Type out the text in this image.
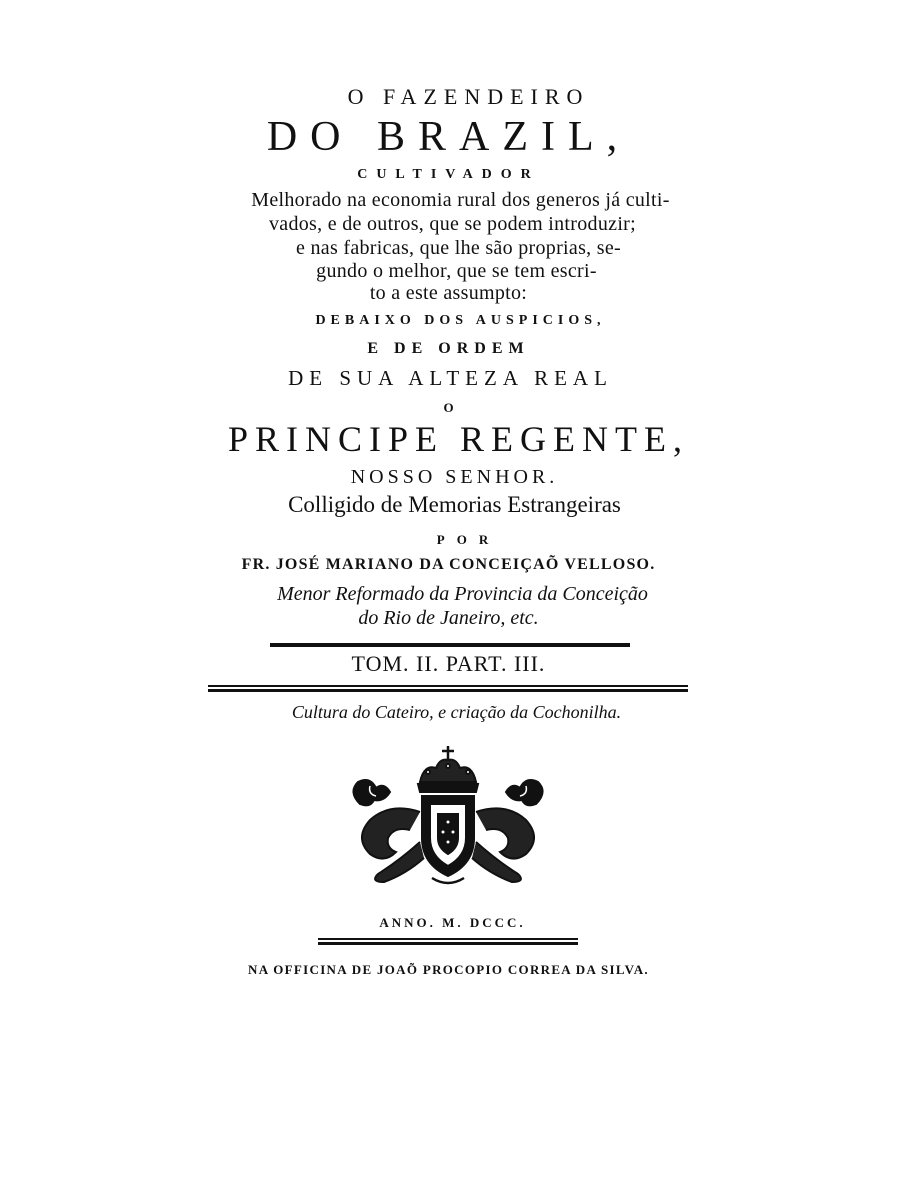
O FAZENDEIRO
DO BRAZIL,
CULTIVADOR
Melhorado na economia rural dos generos já culti-
vados, e de outros, que se podem introduzir;
e nas fabricas, que lhe são proprias, se-
gundo o melhor, que se tem escri-
to a este assumpto:
DEBAIXO DOS AUSPICIOS,
E DE ORDEM
DE SUA ALTEZA REAL
O
PRINCIPE REGENTE,
NOSSO SENHOR.
Colligido de Memorias Estrangeiras
POR
FR. JOSÉ MARIANO DA CONCEIÇAÕ VELLOSO.
Menor Reformado da Provincia da Conceição
do Rio de Janeiro, etc.
TOM. II. PART. III.
Cultura do Cateiro, e criação da Cochonilha.
ANNO. M. DCCC.
NA OFFICINA DE JOAÕ PROCOPIO CORREA DA SILVA.
